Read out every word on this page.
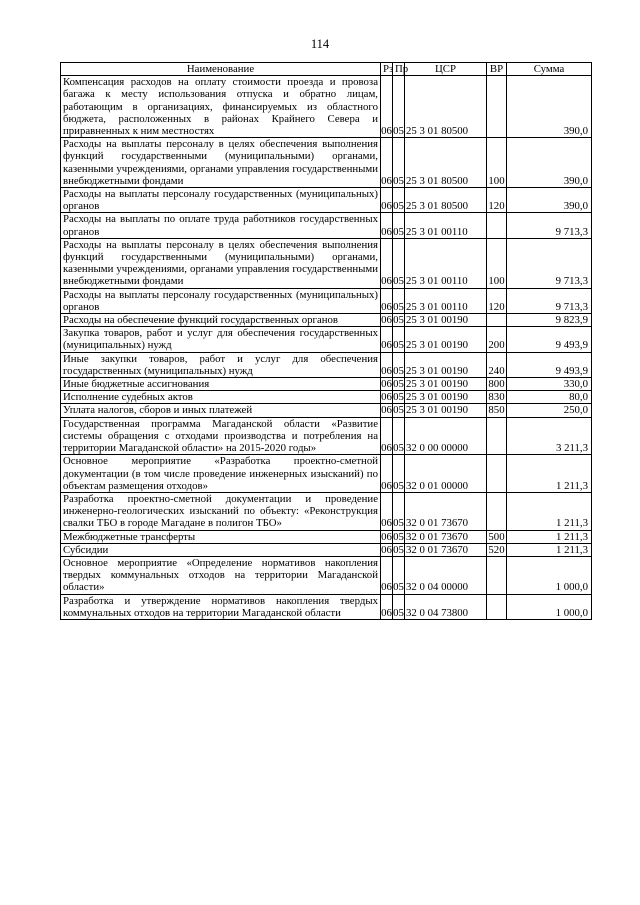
114
Наименование	Рз	Пр	ЦСР	ВР	Сумма
Компенсация расходов на оплату стоимости проезда и провоза багажа к месту использования отпуска и обратно лицам, работающим в организациях, финансируемых из областного бюджета, расположенных в районах Крайнего Севера и приравненных к ним местностях	06	05	25 3 01 80500		390,0
Расходы на выплаты персоналу в целях обеспечения выполнения функций государственными (муниципальными) органами, казенными учреждениями, органами управления государственными внебюджетными фондами	06	05	25 3 01 80500	100	390,0
Расходы на выплаты персоналу государственных (муниципальных) органов	06	05	25 3 01 80500	120	390,0
Расходы на выплаты по оплате труда работников государственных органов	06	05	25 3 01 00110		9 713,3
Расходы на выплаты персоналу в целях обеспечения выполнения функций государственными (муниципальными) органами, казенными учреждениями, органами управления государственными внебюджетными фондами	06	05	25 3 01 00110	100	9 713,3
Расходы на выплаты персоналу государственных (муниципальных) органов	06	05	25 3 01 00110	120	9 713,3
Расходы на обеспечение функций государственных органов	06	05	25 3 01 00190		9 823,9
Закупка товаров, работ и услуг для обеспечения государственных (муниципальных) нужд	06	05	25 3 01 00190	200	9 493,9
Иные закупки товаров, работ и услуг для обеспечения государственных (муниципальных) нужд	06	05	25 3 01 00190	240	9 493,9
Иные бюджетные ассигнования	06	05	25 3 01 00190	800	330,0
Исполнение судебных актов	06	05	25 3 01 00190	830	80,0
Уплата налогов, сборов и иных платежей	06	05	25 3 01 00190	850	250,0
Государственная программа Магаданской области «Развитие системы обращения с отходами производства и потребления на территории Магаданской области» на 2015-2020 годы»	06	05	32 0 00 00000		3 211,3
Основное мероприятие «Разработка проектно-сметной документации (в том числе проведение инженерных изысканий) по объектам размещения отходов»	06	05	32 0 01 00000		1 211,3
Разработка проектно-сметной документации и проведение инженерно-геологических изысканий по объекту: «Реконструкция свалки ТБО в городе Магадане в полигон ТБО»	06	05	32 0 01 73670		1 211,3
Межбюджетные трансферты	06	05	32 0 01 73670	500	1 211,3
Субсидии	06	05	32 0 01 73670	520	1 211,3
Основное мероприятие «Определение нормативов накопления твердых коммунальных отходов на территории Магаданской области»	06	05	32 0 04 00000		1 000,0
Разработка и утверждение нормативов накопления твердых коммунальных отходов на территории Магаданской области	06	05	32 0 04 73800		1 000,0
